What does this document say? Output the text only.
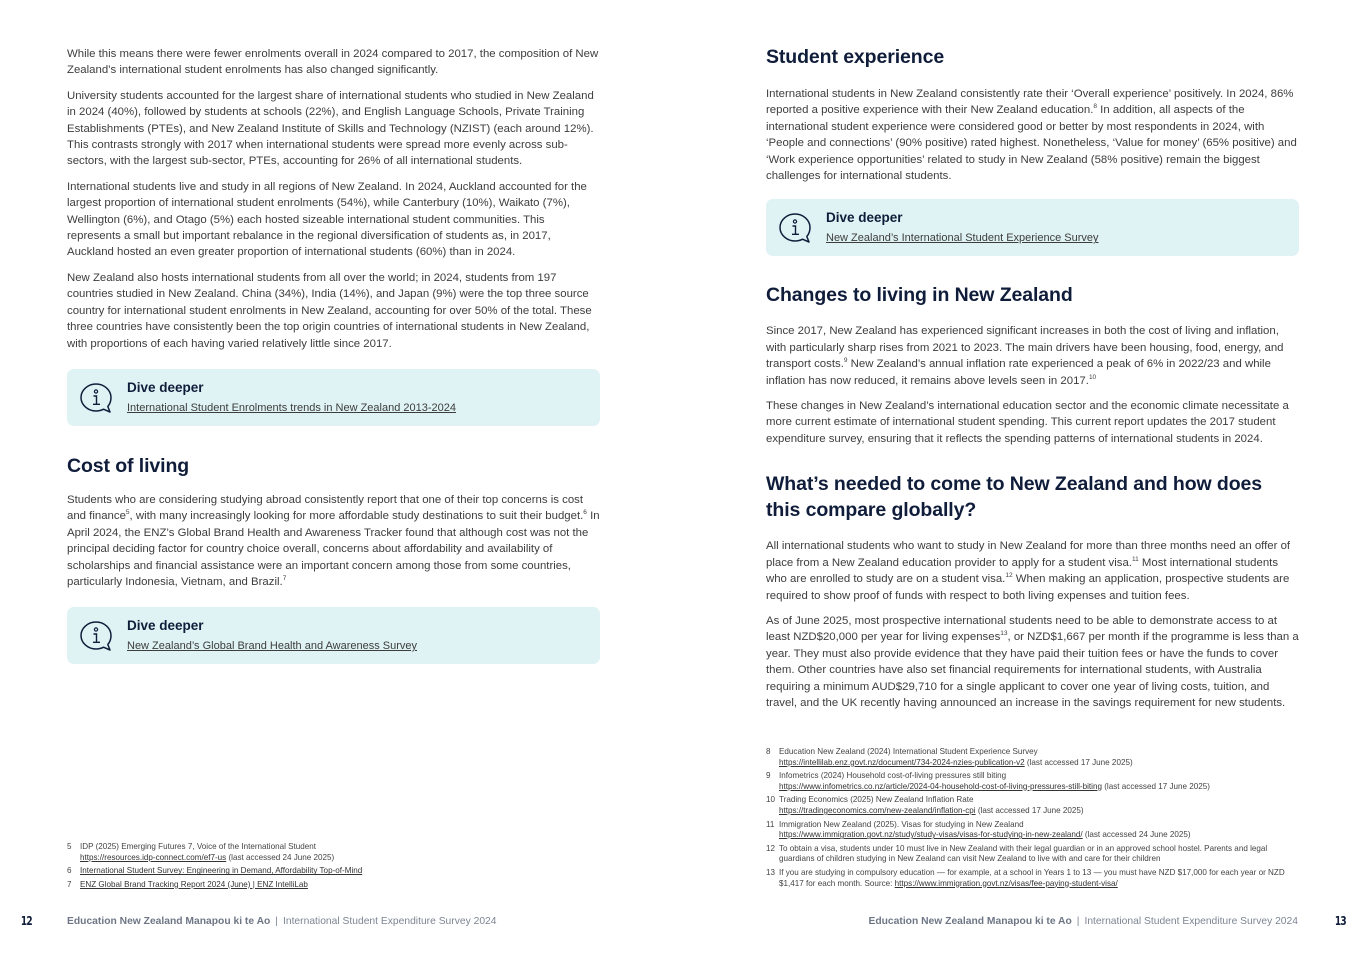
While this means there were fewer enrolments overall in 2024 compared to 2017, the composition of New Zealand’s international student enrolments has also changed significantly.

University students accounted for the largest share of international students who studied in New Zealand in 2024 (40%), followed by students at schools (22%), and English Language Schools, Private Training Establishments (PTEs), and New Zealand Institute of Skills and Technology (NZIST) (each around 12%). This contrasts strongly with 2017 when international students were spread more evenly across sub-sectors, with the largest sub-sector, PTEs, accounting for 26% of all international students.

International students live and study in all regions of New Zealand. In 2024, Auckland accounted for the largest proportion of international student enrolments (54%), while Canterbury (10%), Waikato (7%), Wellington (6%), and Otago (5%) each hosted sizeable international student communities. This represents a small but important rebalance in the regional diversification of students as, in 2017, Auckland hosted an even greater proportion of international students (60%) than in 2024.

New Zealand also hosts international students from all over the world; in 2024, students from 197 countries studied in New Zealand. China (34%), India (14%), and Japan (9%) were the top three source country for international student enrolments in New Zealand, accounting for over 50% of the total. These three countries have consistently been the top origin countries of international students in New Zealand, with proportions of each having varied relatively little since 2017.

Dive deeper
International Student Enrolments trends in New Zealand 2013-2024
Cost of living

Students who are considering studying abroad consistently report that one of their top concerns is cost and finance$^5$, with many increasingly looking for more affordable study destinations to suit their budget.$^6$ In April 2024, the ENZ’s Global Brand Health and Awareness Tracker found that although cost was not the principal deciding factor for country choice overall, concerns about affordability and availability of scholarships and financial assistance were an important concern among those from some countries, particularly Indonesia, Vietnam, and Brazil.$^7$

Dive deeper
New Zealand’s Global Brand Health and Awareness Survey
5 IDP (2025) Emerging Futures 7, Voice of the International Student
https://resources.idp-connect.com/ef7-us (last accessed 24 June 2025)
6 International Student Survey: Engineering in Demand, Affordability Top-of-Mind
7 ENZ Global Brand Tracking Report 2024 (June) | ENZ IntelliLab
12	Education New Zealand Manapou ki te Ao | International Student Expenditure Survey 2024
Student experience

International students in New Zealand consistently rate their ‘Overall experience’ positively. In 2024, 86% reported a positive experience with their New Zealand education.$^8$ In addition, all aspects of the international student experience were considered good or better by most respondents in 2024, with ‘People and connections’ (90% positive) rated highest. Nonetheless, ‘Value for money’ (65% positive) and ‘Work experience opportunities’ related to study in New Zealand (58% positive) remain the biggest challenges for international students.

Dive deeper
New Zealand’s International Student Experience Survey
Changes to living in New Zealand

Since 2017, New Zealand has experienced significant increases in both the cost of living and inflation, with particularly sharp rises from 2021 to 2023. The main drivers have been housing, food, energy, and transport costs.$^9$ New Zealand’s annual inflation rate experienced a peak of 6% in 2022/23 and while inflation has now reduced, it remains above levels seen in 2017.10

These changes in New Zealand’s international education sector and the economic climate necessitate a more current estimate of international student spending. This current report updates the 2017 student expenditure survey, ensuring that it reflects the spending patterns of international students in 2024.

What’s needed to come to New Zealand and how does this compare globally?

All international students who want to study in New Zealand for more than three months need an offer of place from a New Zealand education provider to apply for a student visa.$^{11}$ Most international students who are enrolled to study are on a student visa.$^{12}$ When making an application, prospective students are required to show proof of funds with respect to both living expenses and tuition fees.

As of June 2025, most prospective international students need to be able to demonstrate access to at least NZD$20,000 per year for living expenses$^{13}$, or NZD$1,667 per month if the programme is less than a year. They must also provide evidence that they have paid their tuition fees or have the funds to cover them. Other countries have also set financial requirements for international students, with Australia requiring a minimum AUD$29,710 for a single applicant to cover one year of living costs, tuition, and travel, and the UK recently having announced an increase in the savings requirement for new students.

8 Education New Zealand (2024) International Student Experience Survey
https://intellilab.enz.govt.nz/document/734-2024-nzies-publication-v2 (last accessed 17 June 2025)
9 Infometrics (2024) Household cost-of-living pressures still biting
https://www.infometrics.co.nz/article/2024-04-household-cost-of-living-pressures-still-biting (last accessed 17 June 2025)
10 Trading Economics (2025) New Zealand Inflation Rate
https://tradingeconomics.com/new-zealand/inflation-cpi (last accessed 17 June 2025)
11 Immigration New Zealand (2025). Visas for studying in New Zealand
https://www.immigration.govt.nz/study/study-visas/visas-for-studying-in-new-zealand/ (last accessed 24 June 2025)
12 To obtain a visa, students under 10 must live in New Zealand with their legal guardian or in an approved school hostel. Parents and legal guardians of children studying in New Zealand can visit New Zealand to live with and care for their children
13 If you are studying in compulsory education — for example, at a school in Years 1 to 13 — you must have NZD $17,000 for each year or NZD $1,417 for each month. Source: https://www.immigration.govt.nz/visas/fee-paying-student-visa/
Education New Zealand Manapou ki te Ao | International Student Expenditure Survey 2024	13
